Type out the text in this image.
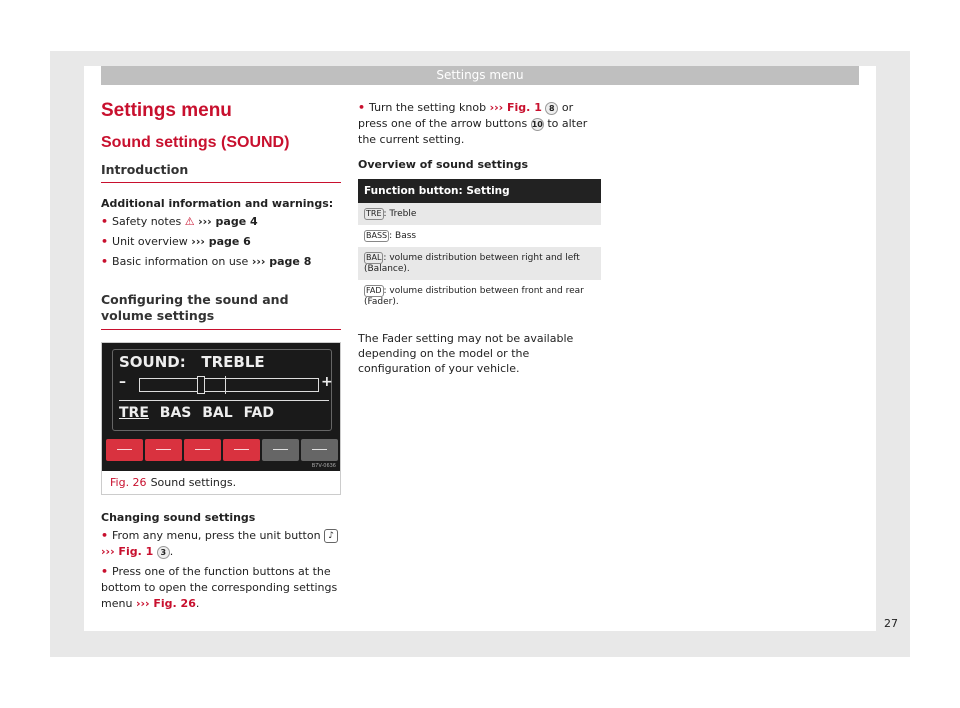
Settings menu
Settings menu
Sound settings (SOUND)
Introduction
Additional information and warnings:
• Safety notes ⚠ ››› page 4
• Unit overview ››› page 6
• Basic information on use ››› page 8
Configuring the sound and volume settings
SOUND:   TREBLE
–	+
TRE BAS BAL FAD
B7V-0636
Fig. 26 Sound settings.
Changing sound settings
• From any menu, press the unit button ♪ ››› Fig. 1 3 .
• Press one of the function buttons at the bottom to open the corresponding settings menu ››› Fig. 26.
• Turn the setting knob ››› Fig. 1 8 or press one of the arrow buttons 10 to alter the current setting.
Overview of sound settings
Function button: Setting
TRE : Treble
BASS : Bass
BAL : volume distribution between right and left (Balance).
FAD : volume distribution between front and rear (Fader).
The Fader setting may not be available depending on the model or the configuration of your vehicle.
27
